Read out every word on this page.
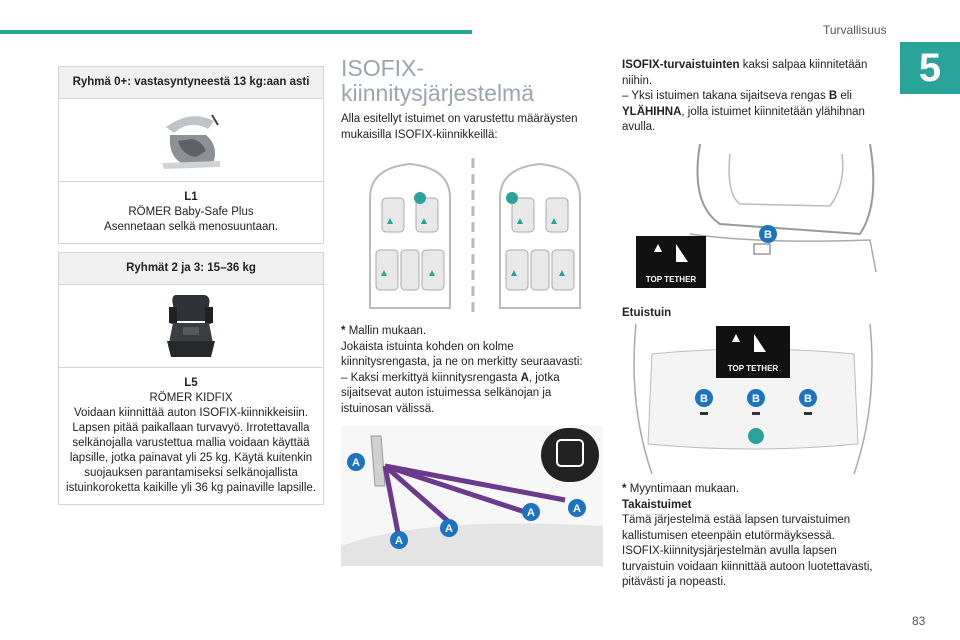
Turvallisuus
5
83
Ryhmä 0+: vastasyntyneestä 13 kg:aan asti
L1
RÖMER Baby-Safe Plus
Asennetaan selkä menosuuntaan.
Ryhmät 2 ja 3: 15–36 kg
L5
RÖMER KIDFIX
Voidaan kiinnittää auton ISOFIX-kiinnikkeisiin. Lapsen pitää paikallaan turvavyö. Irrotettavalla selkänojalla varustettua mallia voidaan käyttää lapsille, jotka painavat yli 25 kg. Käytä kuitenkin suojauksen parantamiseksi selkänojallista istuinkoroketta kaikille yli 36 kg painaville lapsille.
ISOFIX-
kiinnitysjärjestelmä
Alla esitellyt istuimet on varustettu määräysten mukaisilla ISOFIX-kiinnikkeillä:
* Mallin mukaan.
Jokaista istuinta kohden on kolme kiinnitysrengasta, ja ne on merkitty seuraavasti:
– Kaksi merkittyä kiinnitysrengasta A, jotka sijaitsevat auton istuimessa selkänojan ja istuinosan välissä.
A
A
A
A	A
ISOFIX-turvaistuinten kaksi salpaa kiinnitetään niihin.
– Yksi istuimen takana sijaitseva rengas B eli YLÄHIHNA, jolla istuimet kiinnitetään ylähihnan avulla.
B
TOP TETHER
Etuistuin
TOP TETHER
B	B	B
* Myyntimaan mukaan.
Takaistuimet
Tämä järjestelmä estää lapsen turvaistuimen kallistumisen eteenpäin etutörmäyksessä.
ISOFIX-kiinnitysjärjestelmän avulla lapsen turvaistuin voidaan kiinnittää autoon luotettavasti, pitävästi ja nopeasti.
